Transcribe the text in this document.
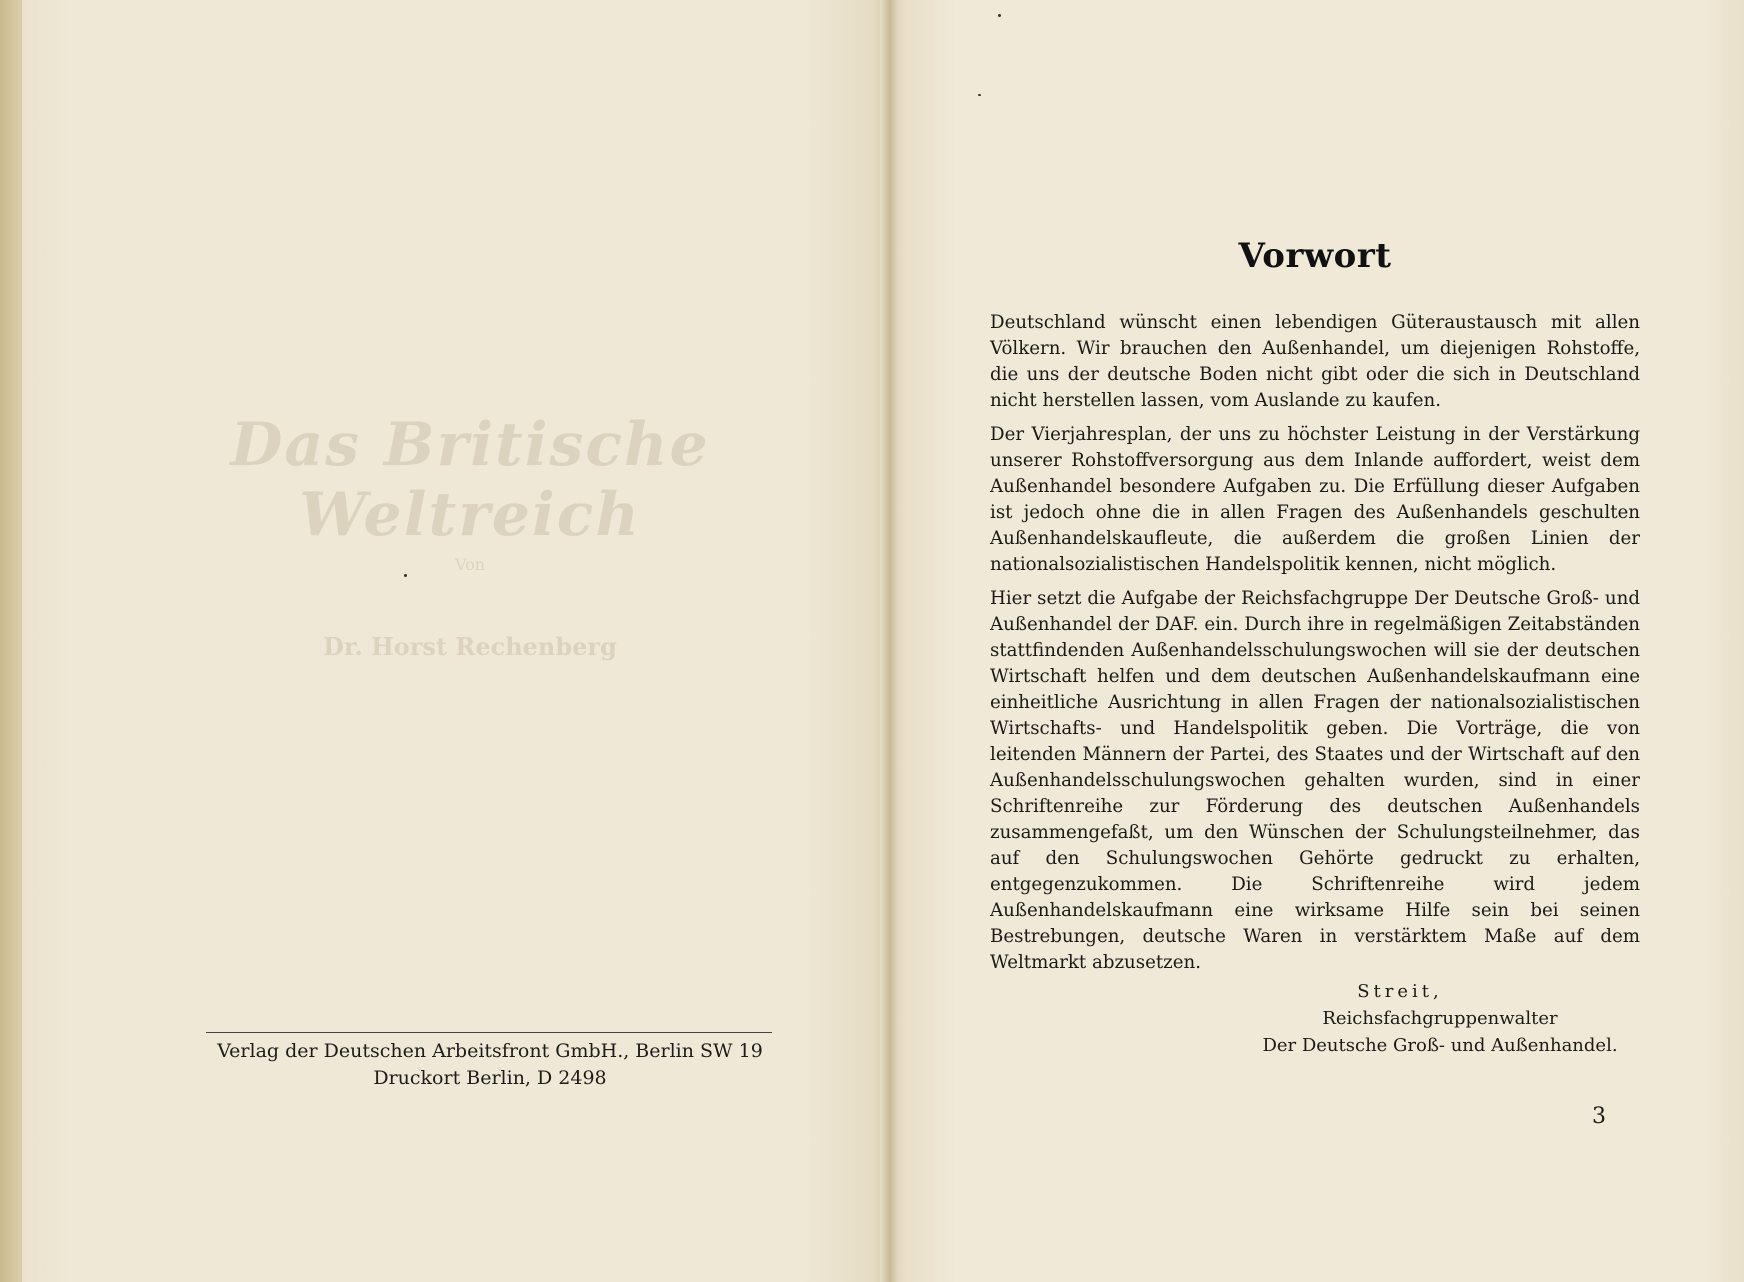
Das Britische Weltreich
Von
Dr. Horst Rechenberg
Verlag der Deutschen Arbeitsfront GmbH., Berlin SW 19
Druckort Berlin, D 2498
Vorwort

Deutschland wünscht einen lebendigen Güteraustausch mit allen Völkern. Wir brauchen den Außenhandel, um diejenigen Rohstoffe, die uns der deutsche Boden nicht gibt oder die sich in Deutschland nicht herstellen lassen, vom Auslande zu kaufen.

Der Vierjahresplan, der uns zu höchster Leistung in der Verstärkung unserer Rohstoffversorgung aus dem Inlande auffordert, weist dem Außenhandel besondere Aufgaben zu. Die Erfüllung dieser Aufgaben ist jedoch ohne die in allen Fragen des Außenhandels geschulten Außenhandelskaufleute, die außerdem die großen Linien der nationalsozialistischen Handelspolitik kennen, nicht möglich.

Hier setzt die Aufgabe der Reichsfachgruppe Der Deutsche Groß- und Außenhandel der DAF. ein. Durch ihre in regelmäßigen Zeitabständen stattfindenden Außenhandelsschulungswochen will sie der deutschen Wirtschaft helfen und dem deutschen Außenhandelskaufmann eine einheitliche Ausrichtung in allen Fragen der nationalsozialistischen Wirtschafts- und Handelspolitik geben. Die Vorträge, die von leitenden Männern der Partei, des Staates und der Wirtschaft auf den Außenhandelsschulungswochen gehalten wurden, sind in einer Schriftenreihe zur Förderung des deutschen Außenhandels zusammengefaßt, um den Wünschen der Schulungsteilnehmer, das auf den Schulungswochen Gehörte gedruckt zu erhalten, entgegenzukommen. Die Schriftenreihe wird jedem Außenhandelskaufmann eine wirksame Hilfe sein bei seinen Bestrebungen, deutsche Waren in verstärktem Maße auf dem Weltmarkt abzusetzen.

Streit,
Reichsfachgruppenwalter
Der Deutsche Groß- und Außenhandel.
3
